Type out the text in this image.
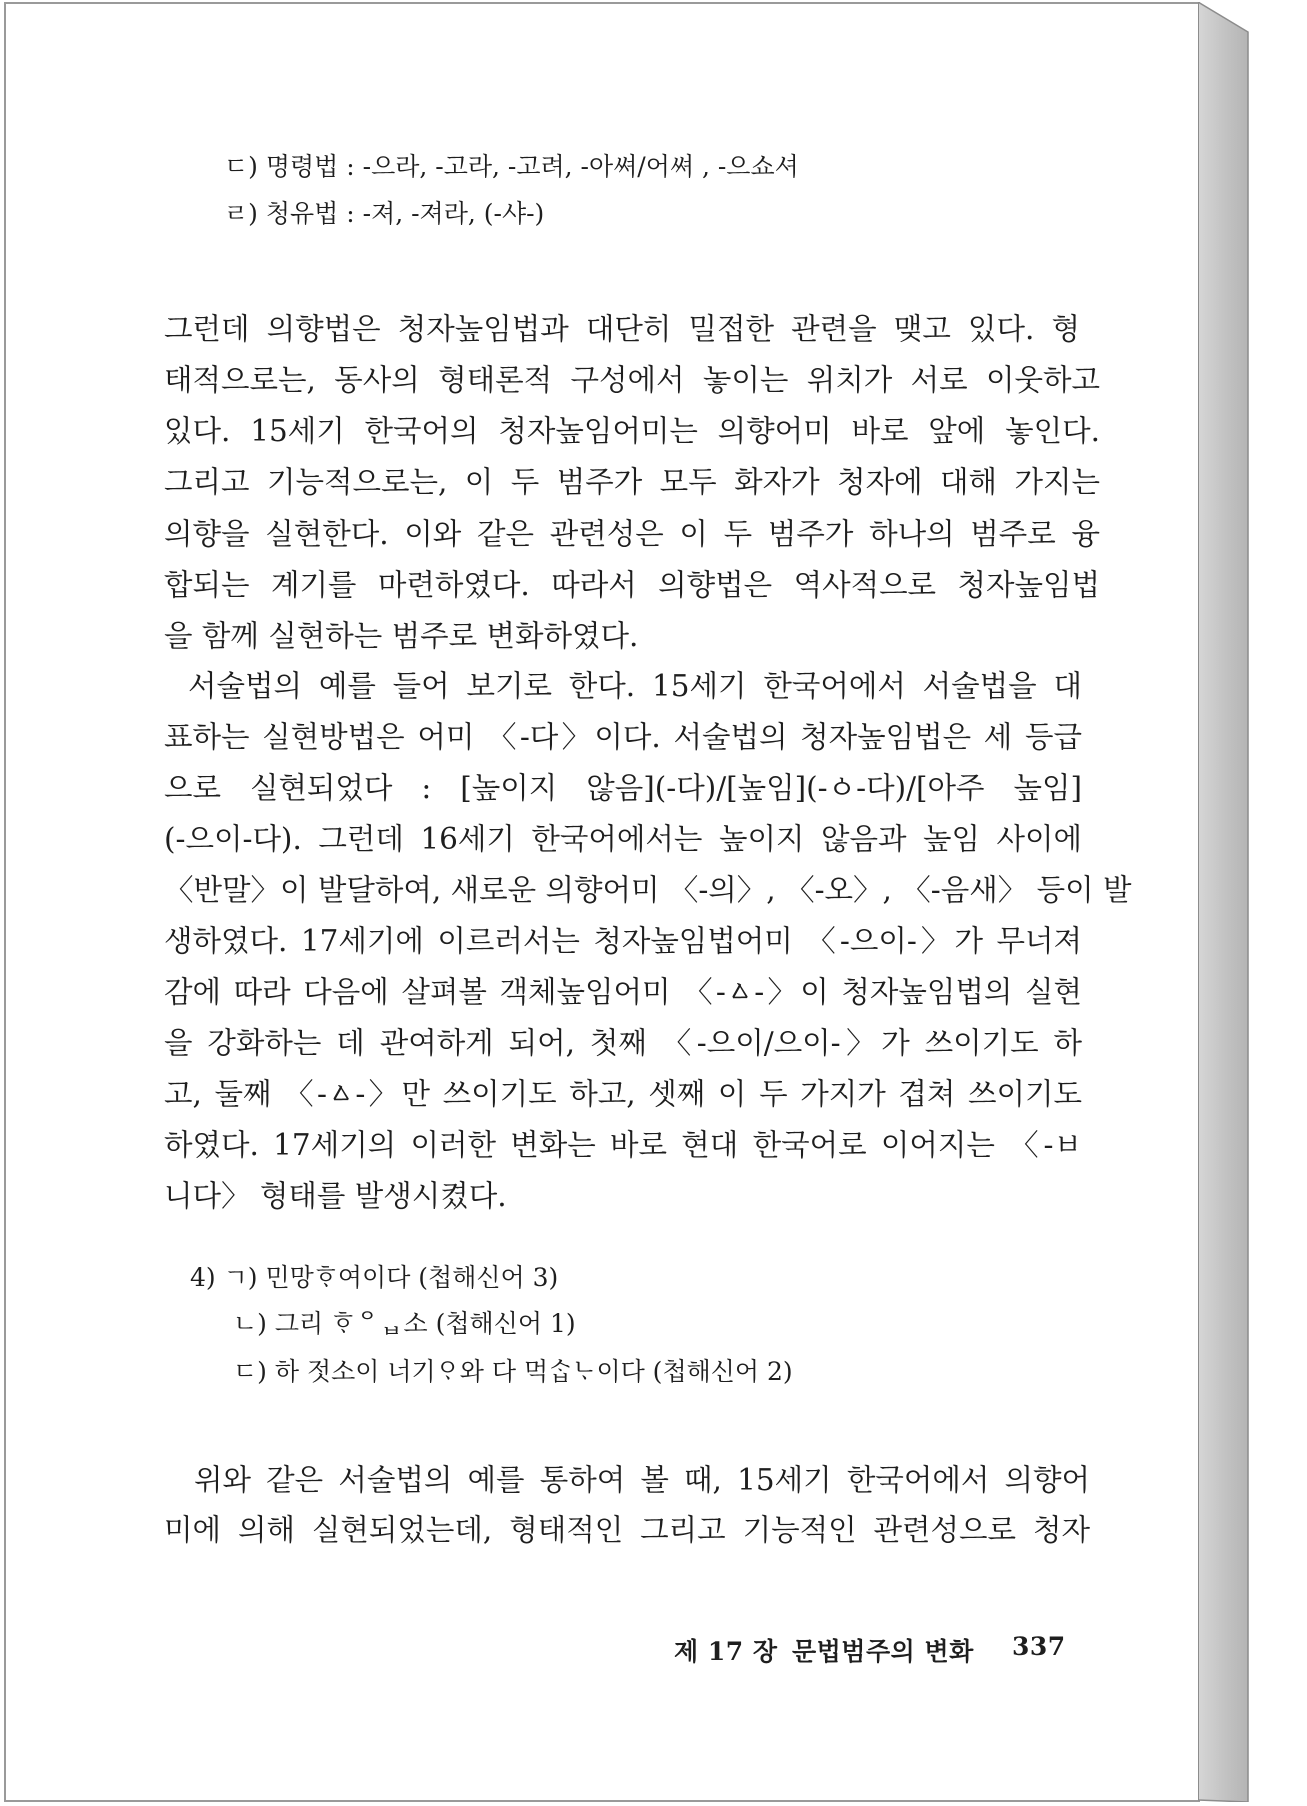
ㄷ) 명령법 : -으라, -고라, -고려, -아쎠/어쎠 , -으쇼셔
ㄹ) 청유법 : -져, -져라, (-샤-)
그런데 의향법은 청자높임법과 대단히 밀접한 관련을 맺고 있다. 형
태적으로는, 동사의 형태론적 구성에서 놓이는 위치가 서로 이웃하고
있다. 15세기 한국어의 청자높임어미는 의향어미 바로 앞에 놓인다.
그리고 기능적으로는, 이 두 범주가 모두 화자가 청자에 대해 가지는
의향을 실현한다. 이와 같은 관련성은 이 두 범주가 하나의 범주로 융
합되는 계기를 마련하였다. 따라서 의향법은 역사적으로 청자높임법
을 함께 실현하는 범주로 변화하였다.
서술법의 예를 들어 보기로 한다. 15세기 한국어에서 서술법을 대
표하는 실현방법은 어미 〈-다〉이다. 서술법의 청자높임법은 세 등급
으로 실현되었다 : [높이지 않음](-다)/[높임](-ㆁ-다)/[아주 높임]
(-으이-다). 그런데 16세기 한국어에서는 높이지 않음과 높임 사이에
〈반말〉이 발달하여, 새로운 의향어미 〈-의〉, 〈-오〉, 〈-음새〉 등이 발
생하였다. 17세기에 이르러서는 청자높임법어미 〈-으이-〉가 무너져
감에 따라 다음에 살펴볼 객체높임어미 〈-ㅿ-〉이 청자높임법의 실현
을 강화하는 데 관여하게 되어, 첫째 〈-으이/으이-〉가 쓰이기도 하
고, 둘째 〈-ㅿ-〉만 쓰이기도 하고, 셋째 이 두 가지가 겹쳐 쓰이기도
하였다. 17세기의 이러한 변화는 바로 현대 한국어로 이어지는 〈-ㅂ
니다〉 형태를 발생시켰다.
4) ㄱ) 민망ᄒᆞ여이다 (첩해신어 3)
ㄴ) 그리 ᄒᆞᄋᆸ소 (첩해신어 1)
ㄷ) 하 젓소이 너기ᄋᆞ와 다 먹ᄉᆞᆸᄂᆞ이다 (첩해신어 2)
위와 같은 서술법의 예를 통하여 볼 때, 15세기 한국어에서 의향어
미에 의해 실현되었는데, 형태적인 그리고 기능적인 관련성으로 청자
제 17 장 문법범주의 변화 337
